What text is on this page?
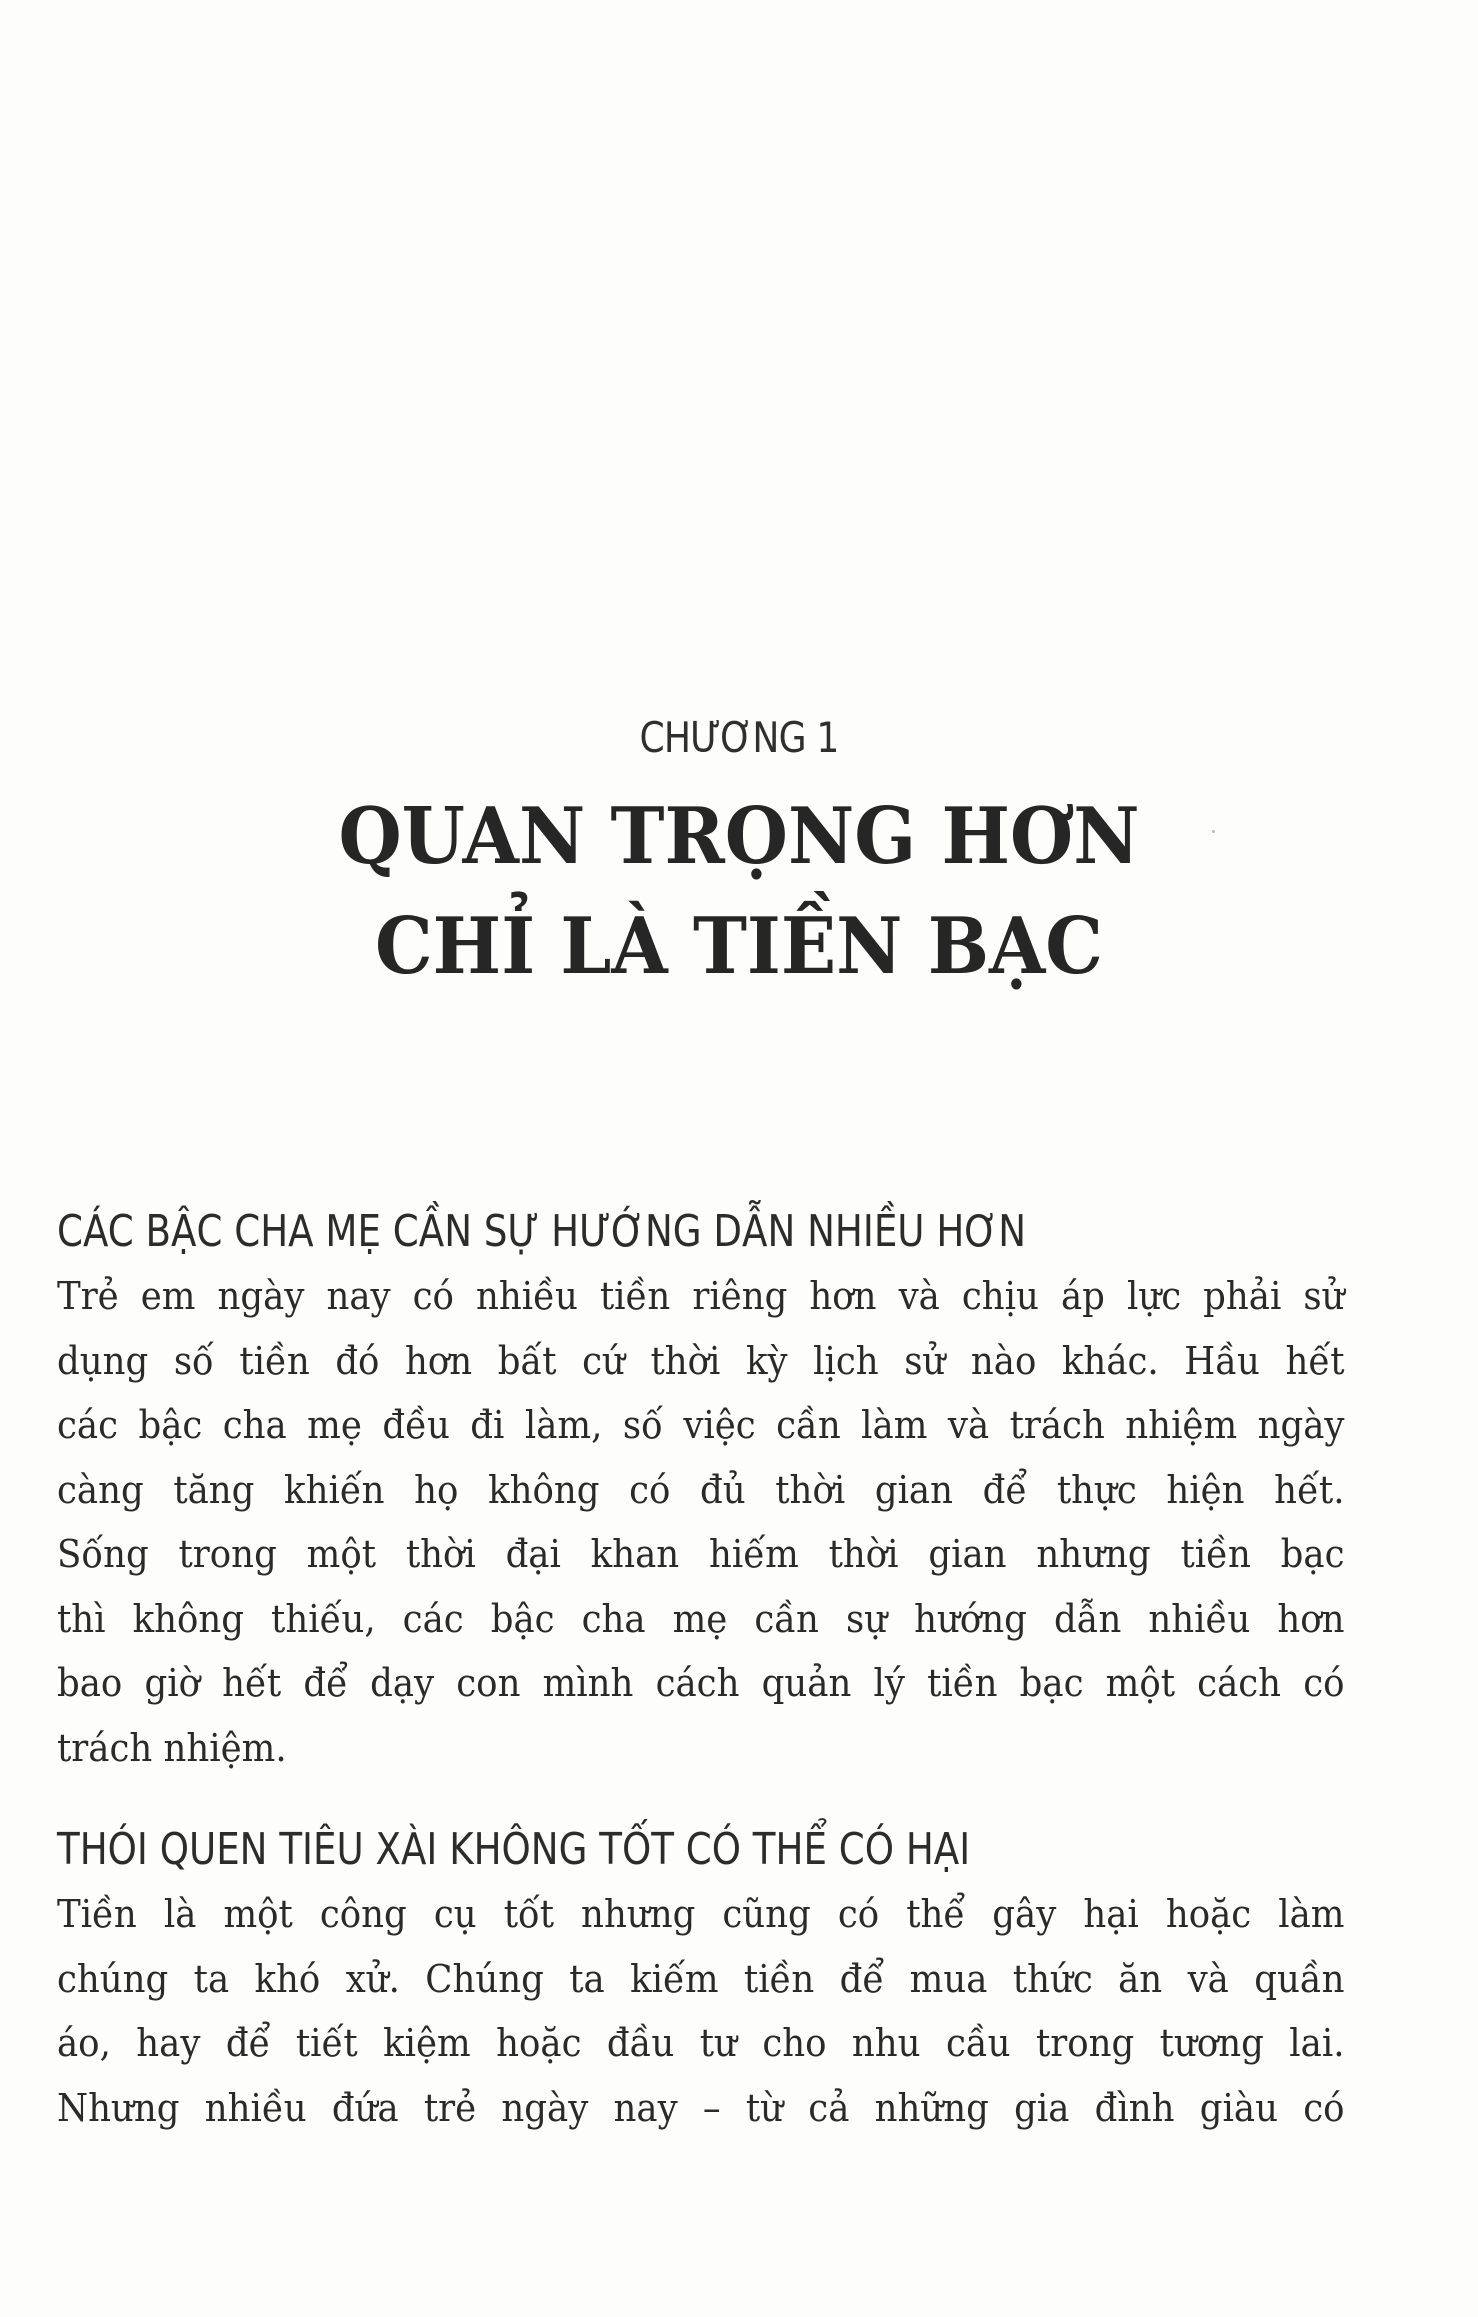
CHƯƠNG 1
QUAN TRỌNG HƠN
CHỈ LÀ TIỀN BẠC
CÁC BẬC CHA MẸ CẦN SỰ HƯỚNG DẪN NHIỀU HƠN

Trẻ em ngày nay có nhiều tiền riêng hơn và chịu áp lực phải sử
dụng số tiền đó hơn bất cứ thời kỳ lịch sử nào khác. Hầu hết
các bậc cha mẹ đều đi làm, số việc cần làm và trách nhiệm ngày
càng tăng khiến họ không có đủ thời gian để thực hiện hết.
Sống trong một thời đại khan hiếm thời gian nhưng tiền bạc
thì không thiếu, các bậc cha mẹ cần sự hướng dẫn nhiều hơn
bao giờ hết để dạy con mình cách quản lý tiền bạc một cách có
trách nhiệm.

THÓI QUEN TIÊU XÀI KHÔNG TỐT CÓ THỂ CÓ HẠI

Tiền là một công cụ tốt nhưng cũng có thể gây hại hoặc làm
chúng ta khó xử. Chúng ta kiếm tiền để mua thức ăn và quần
áo, hay để tiết kiệm hoặc đầu tư cho nhu cầu trong tương lai.
Nhưng nhiều đứa trẻ ngày nay – từ cả những gia đình giàu có
